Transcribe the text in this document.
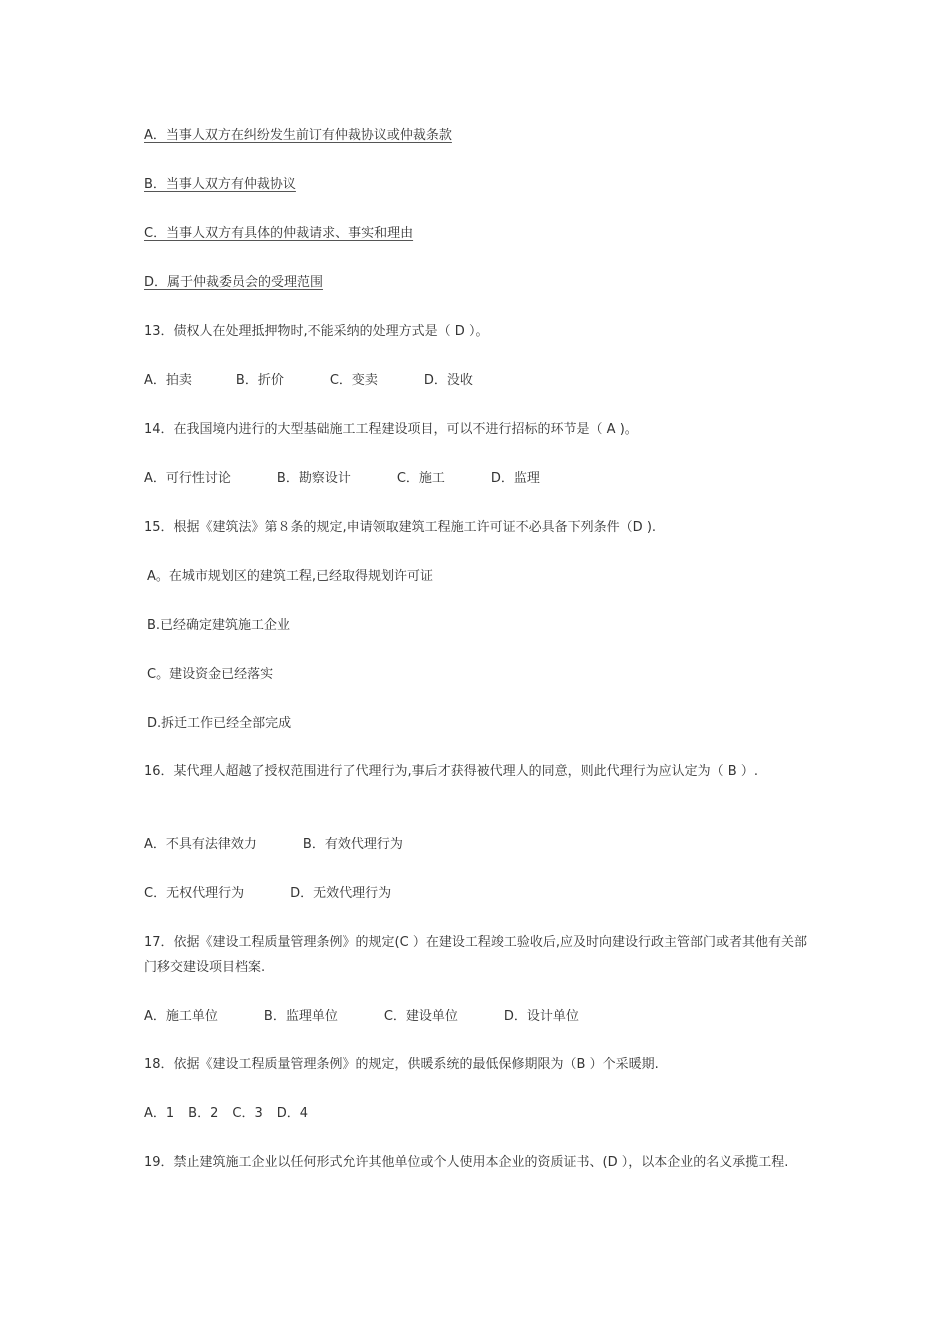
A．当事人双方在纠纷发生前订有仲裁协议或仲裁条款
B．当事人双方有仲裁协议
C．当事人双方有具体的仲裁请求、事实和理由
D．属于仲裁委员会的受理范围
13．债权人在处理抵押物时,不能采纳的处理方式是（ D ）。
A．拍卖	B．折价	C．变卖	D．没收
14．在我国境内进行的大型基础施工工程建设项目，可以不进行招标的环节是（ A )。
A．可行性讨论	B．勘察设计	C．施工	D．监理
15．根据《建筑法》第８条的规定,申请领取建筑工程施工许可证不必具备下列条件（D ).
A。在城市规划区的建筑工程,已经取得规划许可证
B.已经确定建筑施工企业
C。建设资金已经落实
D.拆迁工作已经全部完成
16．某代理人超越了授权范围进行了代理行为,事后才获得被代理人的同意，则此代理行为应认定为（ B ）.
A．不具有法律效力	B．有效代理行为
C．无权代理行为	D．无效代理行为
17．依据《建设工程质量管理条例》的规定(C ）在建设工程竣工验收后,应及时向建设行政主管部门或者其他有关部门移交建设项目档案.
A．施工单位	B．监理单位	C．建设单位	D．设计单位
18．依据《建设工程质量管理条例》的规定，供暖系统的最低保修期限为（B ）个采暖期.
A．1 B．2 C．3 D．4
19．禁止建筑施工企业以任何形式允许其他单位或个人使用本企业的资质证书、(D ），以本企业的名义承揽工程.
